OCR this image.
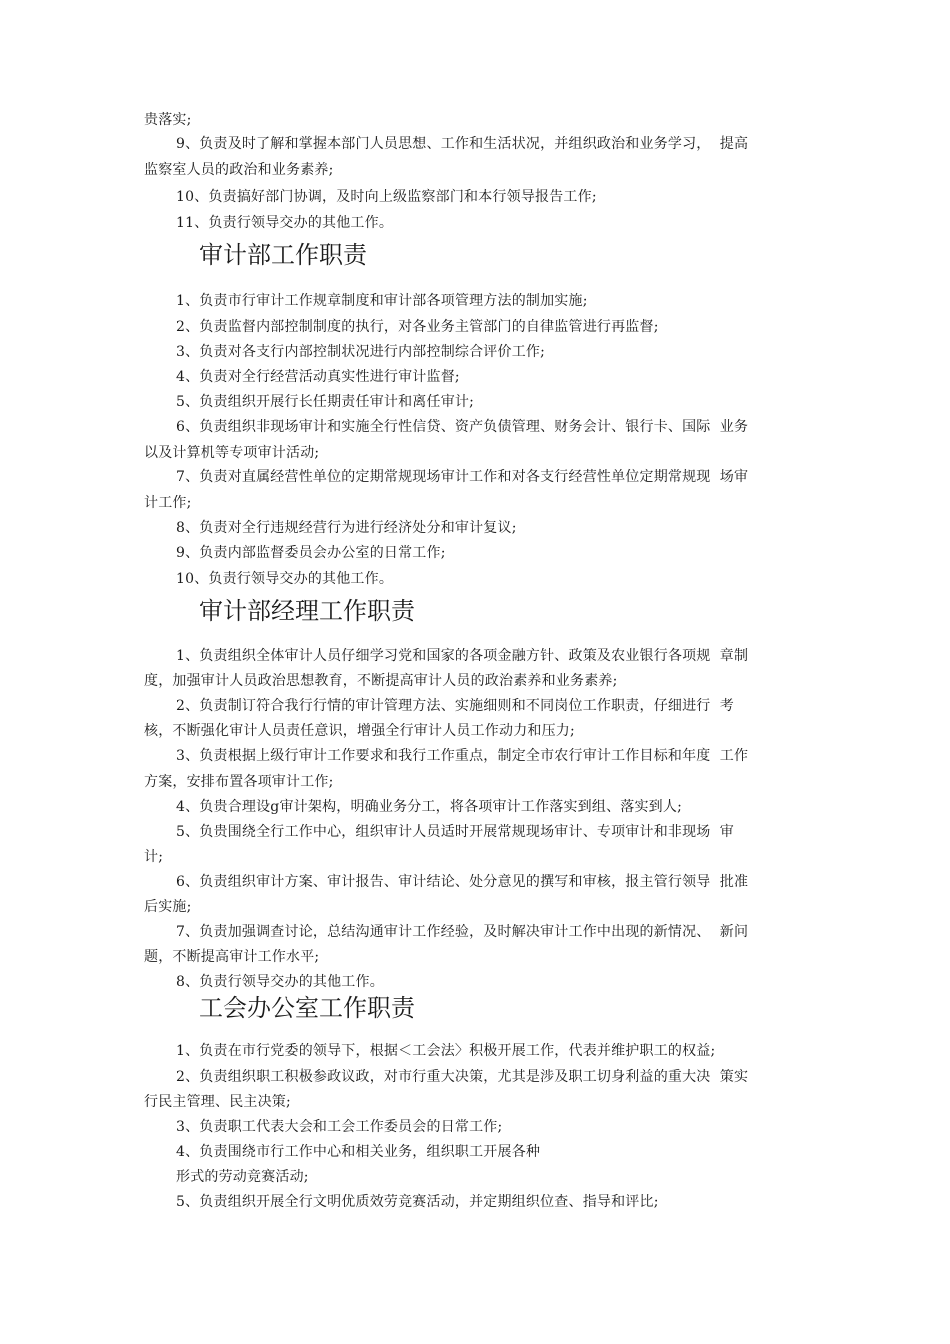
贵落实;

9、负责及时了解和掌握本部门人员思想、工作和生活状况，并组织政治和业务学习，  提高

监察室人员的政治和业务素养;

10、负责搞好部门协调，及时向上级监察部门和本行领导报告工作;

11、负责行领导交办的其他工作。

审计部工作职责

1、负责市行审计工作规章制度和审计部各项管理方法的制加实施;

2、负责监督内部控制制度的执行，对各业务主管部门的自律监管进行再监督;

3、负责对各支行内部控制状况进行内部控制综合评价工作;

4、负责对全行经营活动真实性进行审计监督;

5、负责组织开展行长任期责任审计和离任审计;

6、负责组织非现场审计和实施全行性信贷、资产负债管理、财务会计、银行卡、国际  业务

以及计算机等专项审计活动;

7、负责对直属经营性单位的定期常规现场审计工作和对各支行经营性单位定期常规现  场审

计工作;

8、负责对全行违规经营行为进行经济处分和审计复议;

9、负责内部监督委员会办公室的日常工作;

10、负责行领导交办的其他工作。

审计部经理工作职责

1、负责组织全体审计人员仔细学习党和国家的各项金融方针、政策及农业银行各项规  章制

度，加强审计人员政治思想教育，不断提高审计人员的政治素养和业务素养;

2、负责制订符合我行行情的审计管理方法、实施细则和不同岗位工作职责，仔细进行  考

核，不断强化审计人员责任意识，增强全行审计人员工作动力和压力;

3、负责根据上级行审计工作要求和我行工作重点，制定全市农行审计工作目标和年度  工作

方案，安排布置各项审计工作;

4、负贵合理设g审计架构，明确业务分工，将各项审计工作落实到组、落实到人;

5、负贵围绕全行工作中心，组织审计人员适时开展常规现场审计、专项审计和非现场  审

计;

6、负责组织审计方案、审计报告、审计结论、处分意见的撰写和审核，报主管行领导  批准

后实施;

7、负责加强调查讨论，总结沟通审计工作经验，及时解决审计工作中出现的新情况、  新问

题，不断提高审计工作水平;

8、负责行领导交办的其他工作。

工会办公室工作职责

1、负责在市行党委的领导下，根据＜工会法〉积极开展工作，代表并维护职工的权益;

2、负责组织职工积极参政议政，对市行重大决策，尤其是涉及职工切身利益的重大决  策实

行民主管理、民主决策;

3、负责职工代表大会和工会工作委员会的日常工作;

4、负责围绕市行工作中心和相关业务，组织职工开展各种

形式的劳动竞赛活动;

5、负责组织开展全行文明优质效劳竞赛活动，并定期组织位查、指导和评比;
